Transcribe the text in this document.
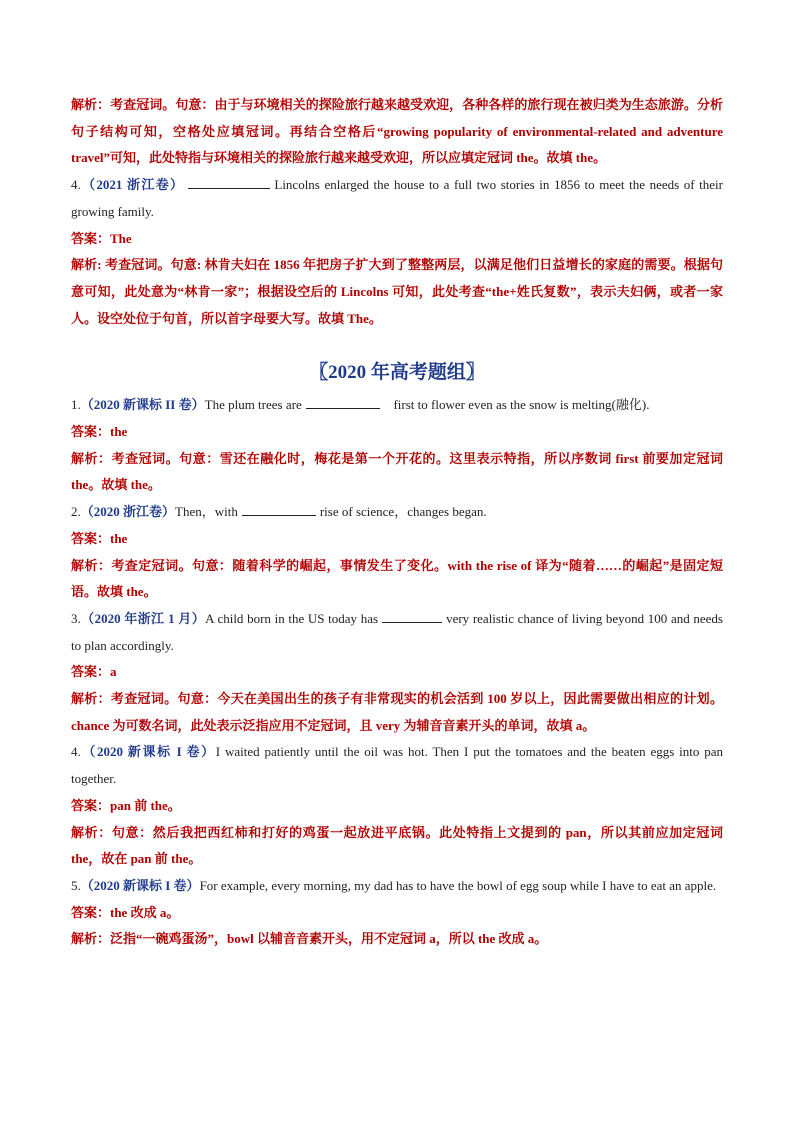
解析：考查冠词。句意：由于与环境相关的探险旅行越来越受欢迎，各种各样的旅行现在被归类为生态旅游。分析句子结构可知，空格处应填冠词。再结合空格后“growing popularity of environmental-related and adventure travel”可知，此处特指与环境相关的探险旅行越来越受欢迎，所以应填定冠词 the。故填 the。

4.（2021 浙江卷）	Lincolns enlarged the house to a full two stories in 1856 to meet the needs of their growing family.

答案：The

解析: 考查冠词。句意: 林肯夫妇在 1856 年把房子扩大到了整整两层，以满足他们日益增长的家庭的需要。根据句意可知，此处意为“林肯一家”；根据设空后的 Lincolns 可知，此处考查“the+姓氏复数”，表示夫妇俩，或者一家人。设空处位于句首，所以首字母要大写。故填 The。

〖2020 年高考题组〗

1.（2020 新课标 II 卷）The plum trees are	first to flower even as the snow is melting(融化).

答案：the

解析：考查冠词。句意：雪还在融化时，梅花是第一个开花的。这里表示特指，所以序数词 first 前要加定冠词 the。故填 the。

2.（2020 浙江卷）Then，with	rise of science，changes began.

答案：the

解析：考查定冠词。句意：随着科学的崛起，事情发生了变化。with the rise of 译为“随着……的崛起”是固定短语。故填 the。

3.（2020 年浙江 1 月）A child born in the US today has	very realistic chance of living beyond 100 and needs to plan accordingly.

答案：a

解析：考查冠词。句意：今天在美国出生的孩子有非常现实的机会活到 100 岁以上，因此需要做出相应的计划。chance 为可数名词，此处表示泛指应用不定冠词，且 very 为辅音音素开头的单词，故填 a。

4.（2020 新课标 I 卷）I waited patiently until the oil was hot. Then I put the tomatoes and the beaten eggs into pan together.

答案：pan 前 the。

解析：句意：然后我把西红柿和打好的鸡蛋一起放进平底锅。此处特指上文提到的 pan，所以其前应加定冠词 the，故在 pan 前 the。

5.（2020 新课标 I 卷）For example, every morning, my dad has to have the bowl of egg soup while I have to eat an apple.

答案：the 改成 a。

解析：泛指“一碗鸡蛋汤”，bowl 以辅音音素开头，用不定冠词 a，所以 the 改成 a。
